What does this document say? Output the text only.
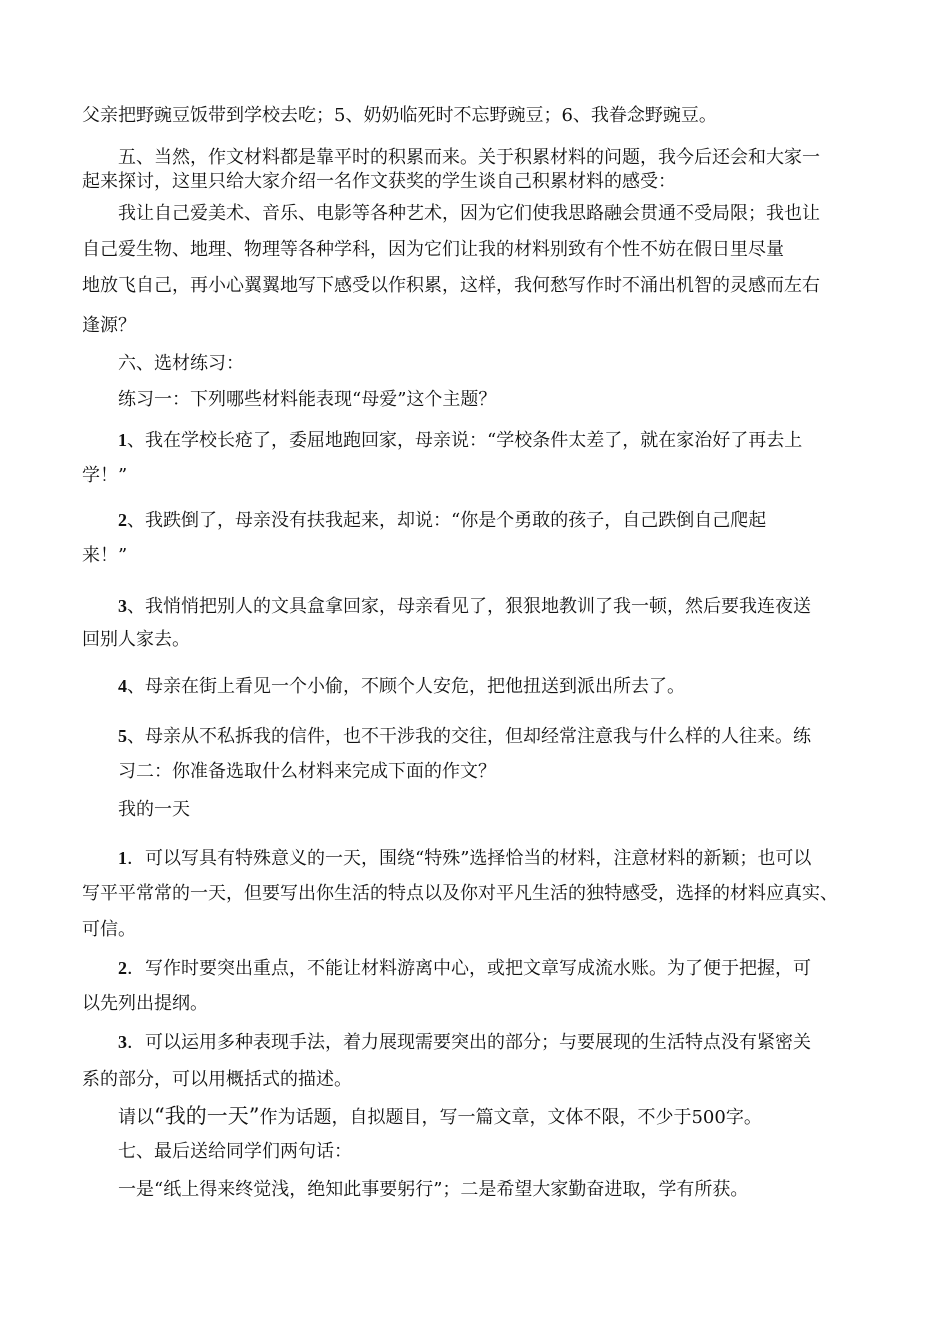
父亲把野豌豆饭带到学校去吃；5、奶奶临死时不忘野豌豆；6、我眷念野豌豆。
五、当然，作文材料都是靠平时的积累而来。关于积累材料的问题，我今后还会和大家一
起来探讨，这里只给大家介绍一名作文获奖的学生谈自己积累材料的感受：
我让自己爱美术、音乐、电影等各种艺术，因为它们使我思路融会贯通不受局限；我也让
自己爱生物、地理、物理等各种学科，因为它们让我的材料别致有个性不妨在假日里尽量
地放飞自己，再小心翼翼地写下感受以作积累，这样，我何愁写作时不涌出机智的灵感而左右
逢源？
六、选材练习：
练习一：下列哪些材料能表现“母爱”这个主题？
1、我在学校长疮了，委屈地跑回家，母亲说：“学校条件太差了，就在家治好了再去上
学！”
2、我跌倒了，母亲没有扶我起来，却说：“你是个勇敢的孩子，自己跌倒自己爬起
来！”
3、我悄悄把别人的文具盒拿回家，母亲看见了，狠狠地教训了我一顿，然后要我连夜送
回别人家去。
4、母亲在街上看见一个小偷，不顾个人安危，把他扭送到派出所去了。
5、母亲从不私拆我的信件，也不干涉我的交往，但却经常注意我与什么样的人往来。练
习二：你准备选取什么材料来完成下面的作文？
我的一天
1．可以写具有特殊意义的一天，围绕“特殊”选择恰当的材料，注意材料的新颖；也可以
写平平常常的一天，但要写出你生活的特点以及你对平凡生活的独特感受，选择的材料应真实、
可信。
2．写作时要突出重点，不能让材料游离中心，或把文章写成流水账。为了便于把握，可
以先列出提纲。
3．可以运用多种表现手法，着力展现需要突出的部分；与要展现的生活特点没有紧密关
系的部分，可以用概括式的描述。
请以“我的一天”作为话题，自拟题目，写一篇文章，文体不限，不少于500字。
七、最后送给同学们两句话：
一是“纸上得来终觉浅，绝知此事要躬行”；二是希望大家勤奋进取，学有所获。
